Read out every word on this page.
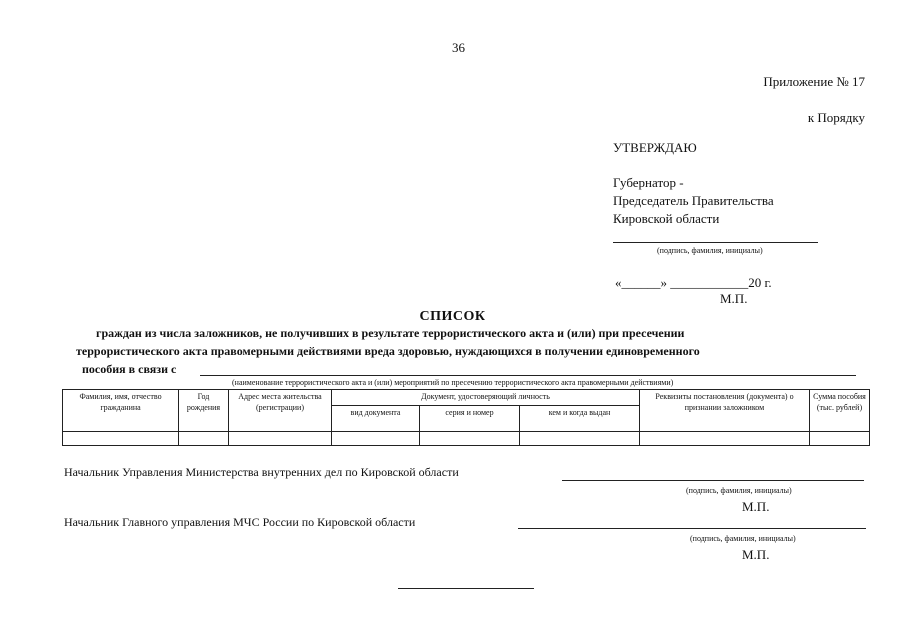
36
Приложение № 17
к Порядку
УТВЕРЖДАЮ
Губернатор -
Председатель Правительства
Кировской области
(подпись, фамилия, инициалы)
«______» ____________20 г.
М.П.
СПИСОК
граждан из числа заложников, не получивших в результате террористического акта и (или) при пресечении
террористического акта правомерными действиями вреда здоровью, нуждающихся в получении единовременного
пособия в связи с
(наименование террористического акта и (или) мероприятий по пресечению террористического акта правомерными действиями)
Фамилия, имя, отчество гражданина	Год рождения	Адрес места жительства (регистрации)	Документ, удостоверяющий личность			Реквизиты постановления (документа) о признании заложником	Сумма пособия (тыс. рублей)
			вид документа	серия и номер	кем и когда выдан		

Начальник Управления Министерства внутренних дел по Кировской области
(подпись, фамилия, инициалы)
М.П.
Начальник Главного управления МЧС России по Кировской области
(подпись, фамилия, инициалы)
М.П.
